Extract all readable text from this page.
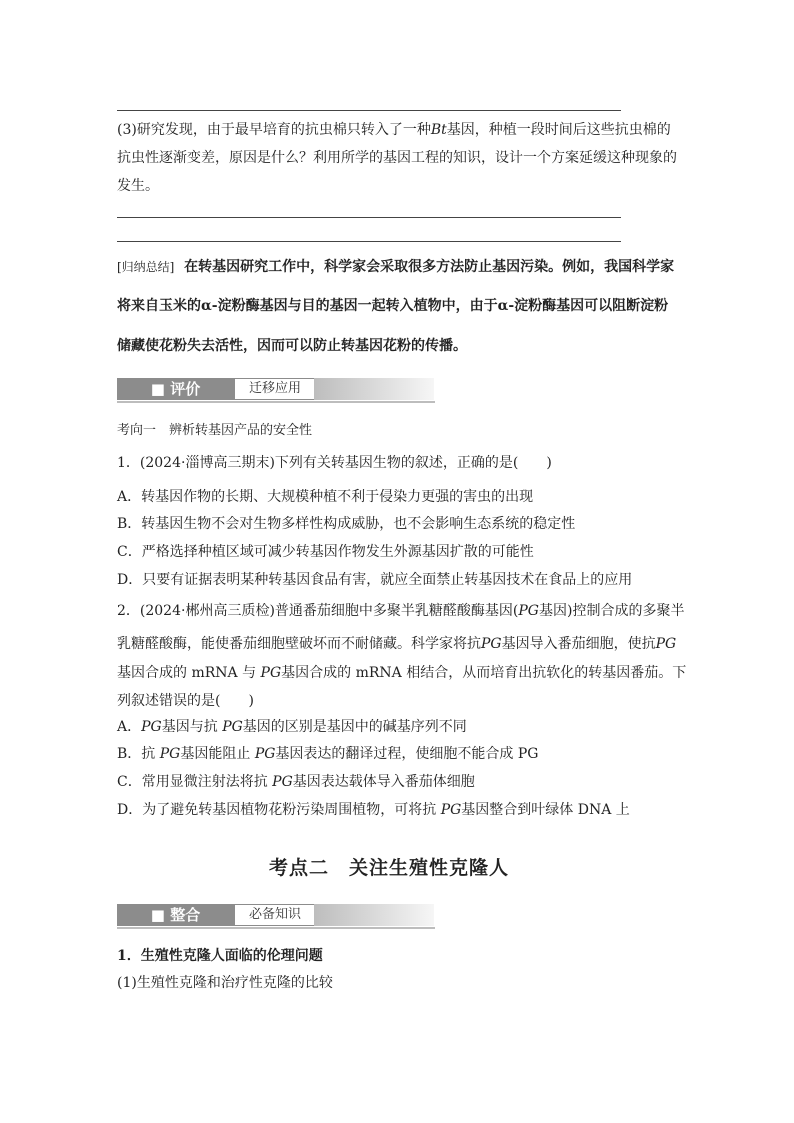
(3)研究发现，由于最早培育的抗虫棉只转入了一种Bt基因，种植一段时间后这些抗虫棉的
抗虫性逐渐变差，原因是什么？利用所学的基因工程的知识，设计一个方案延缓这种现象的
发生。
[归纳总结] 在转基因研究工作中，科学家会采取很多方法防止基因污染。例如，我国科学家
将来自玉米的α-淀粉酶基因与目的基因一起转入植物中，由于α-淀粉酶基因可以阻断淀粉
储藏使花粉失去活性，因而可以防止转基因花粉的传播。
■ 评价	迁移应用
考向一　辨析转基因产品的安全性
1．(2024·淄博高三期末)下列有关转基因生物的叙述，正确的是(　　)
A．转基因作物的长期、大规模种植不利于侵染力更强的害虫的出现
B．转基因生物不会对生物多样性构成威胁，也不会影响生态系统的稳定性
C．严格选择种植区域可减少转基因作物发生外源基因扩散的可能性
D．只要有证据表明某种转基因食品有害，就应全面禁止转基因技术在食品上的应用
2．(2024·郴州高三质检)普通番茄细胞中多聚半乳糖醛酸酶基因(PG基因)控制合成的多聚半
乳糖醛酸酶，能使番茄细胞壁破坏而不耐储藏。科学家将抗PG基因导入番茄细胞，使抗PG
基因合成的 mRNA 与 PG基因合成的 mRNA 相结合，从而培育出抗软化的转基因番茄。下
列叙述错误的是(　　)
A．PG基因与抗 PG基因的区别是基因中的碱基序列不同
B．抗 PG基因能阻止 PG基因表达的翻译过程，使细胞不能合成 PG
C．常用显微注射法将抗 PG基因表达载体导入番茄体细胞
D．为了避免转基因植物花粉污染周围植物，可将抗 PG基因整合到叶绿体 DNA 上
考点二　关注生殖性克隆人
■ 整合	必备知识
1．生殖性克隆人面临的伦理问题
(1)生殖性克隆和治疗性克隆的比较
